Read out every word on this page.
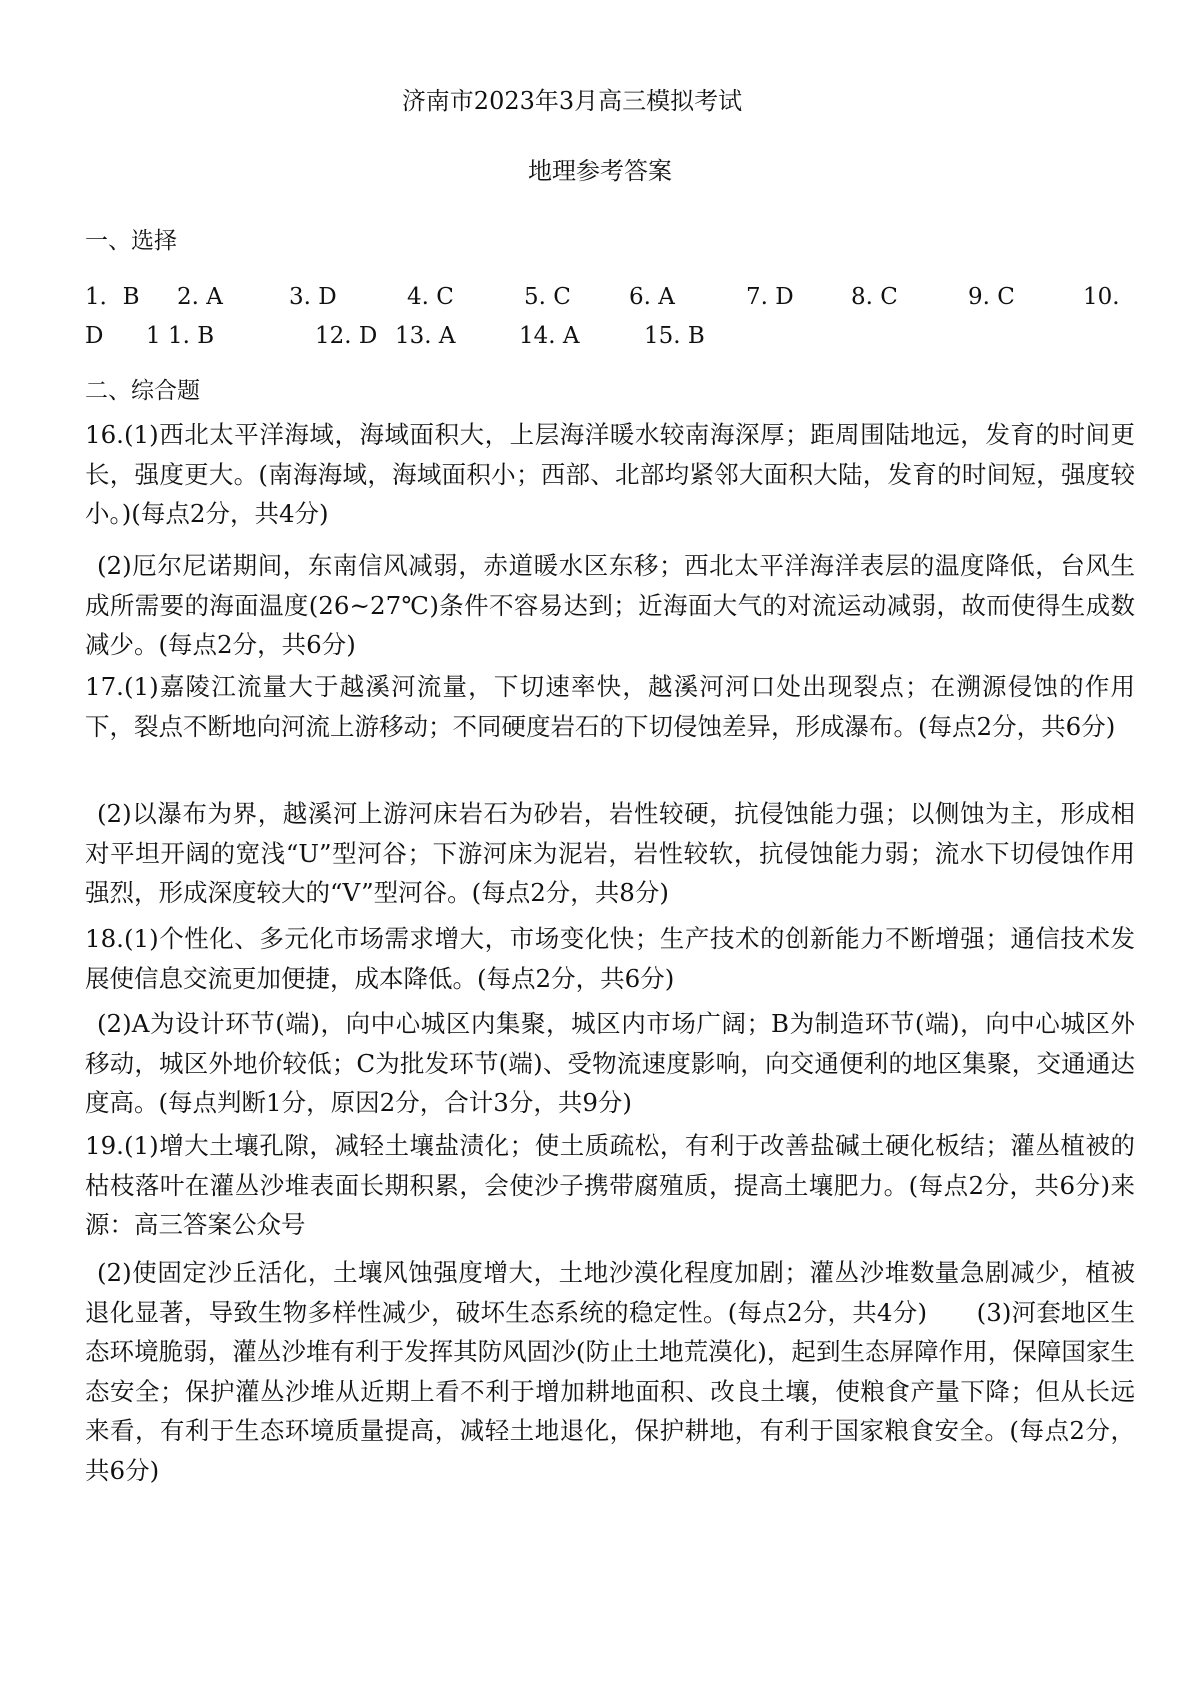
济南市2023年3月高三模拟考试
地理参考答案
一、选择
1．B 2. A	3. D	4. C	5. C	6. A	7. D 8. C	9. C	10.
D 1 1. B	12. D 13. A	14. A	15. B
二、综合题

16.(1)西北太平洋海域，海域面积大，上层海洋暖水较南海深厚；距周围陆地远，发育的时间更长，强度更大。(南海海域，海域面积小；西部、北部均紧邻大面积大陆，发育的时间短，强度较小。)(每点2分，共4分)

(2)厄尔尼诺期间，东南信风减弱，赤道暖水区东移；西北太平洋海洋表层的温度降低，台风生成所需要的海面温度(26~27℃)条件不容易达到；近海面大气的对流运动减弱，故而使得生成数减少。(每点2分，共6分)

17.(1)嘉陵江流量大于越溪河流量，下切速率快，越溪河河口处出现裂点；在溯源侵蚀的作用下，裂点不断地向河流上游移动；不同硬度岩石的下切侵蚀差异，形成瀑布。(每点2分，共6分)

(2)以瀑布为界，越溪河上游河床岩石为砂岩，岩性较硬，抗侵蚀能力强；以侧蚀为主，形成相对平坦开阔的宽浅“U”型河谷；下游河床为泥岩，岩性较软，抗侵蚀能力弱；流水下切侵蚀作用强烈，形成深度较大的“V”型河谷。(每点2分，共8分)

18.(1)个性化、多元化市场需求增大，市场变化快；生产技术的创新能力不断增强；通信技术发展使信息交流更加便捷，成本降低。(每点2分，共6分)

(2)A为设计环节(端)，向中心城区内集聚，城区内市场广阔；B为制造环节(端)，向中心城区外移动，城区外地价较低；C为批发环节(端)、受物流速度影响，向交通便利的地区集聚，交通通达度高。(每点判断1分，原因2分，合计3分，共9分)

19.(1)增大土壤孔隙，减轻土壤盐渍化；使土质疏松，有利于改善盐碱土硬化板结；灌丛植被的枯枝落叶在灌丛沙堆表面长期积累，会使沙子携带腐殖质，提高土壤肥力。(每点2分，共6分)来源：高三答案公众号

(2)使固定沙丘活化，土壤风蚀强度增大，土地沙漠化程度加剧；灌丛沙堆数量急剧减少，植被退化显著，导致生物多样性减少，破坏生态系统的稳定性。(每点2分，共4分)　　(3)河套地区生态环境脆弱，灌丛沙堆有利于发挥其防风固沙(防止土地荒漠化)，起到生态屏障作用，保障国家生态安全；保护灌丛沙堆从近期上看不利于增加耕地面积、改良土壤，使粮食产量下降；但从长远来看，有利于生态环境质量提高，减轻土地退化，保护耕地，有利于国家粮食安全。(每点2分，共6分)
